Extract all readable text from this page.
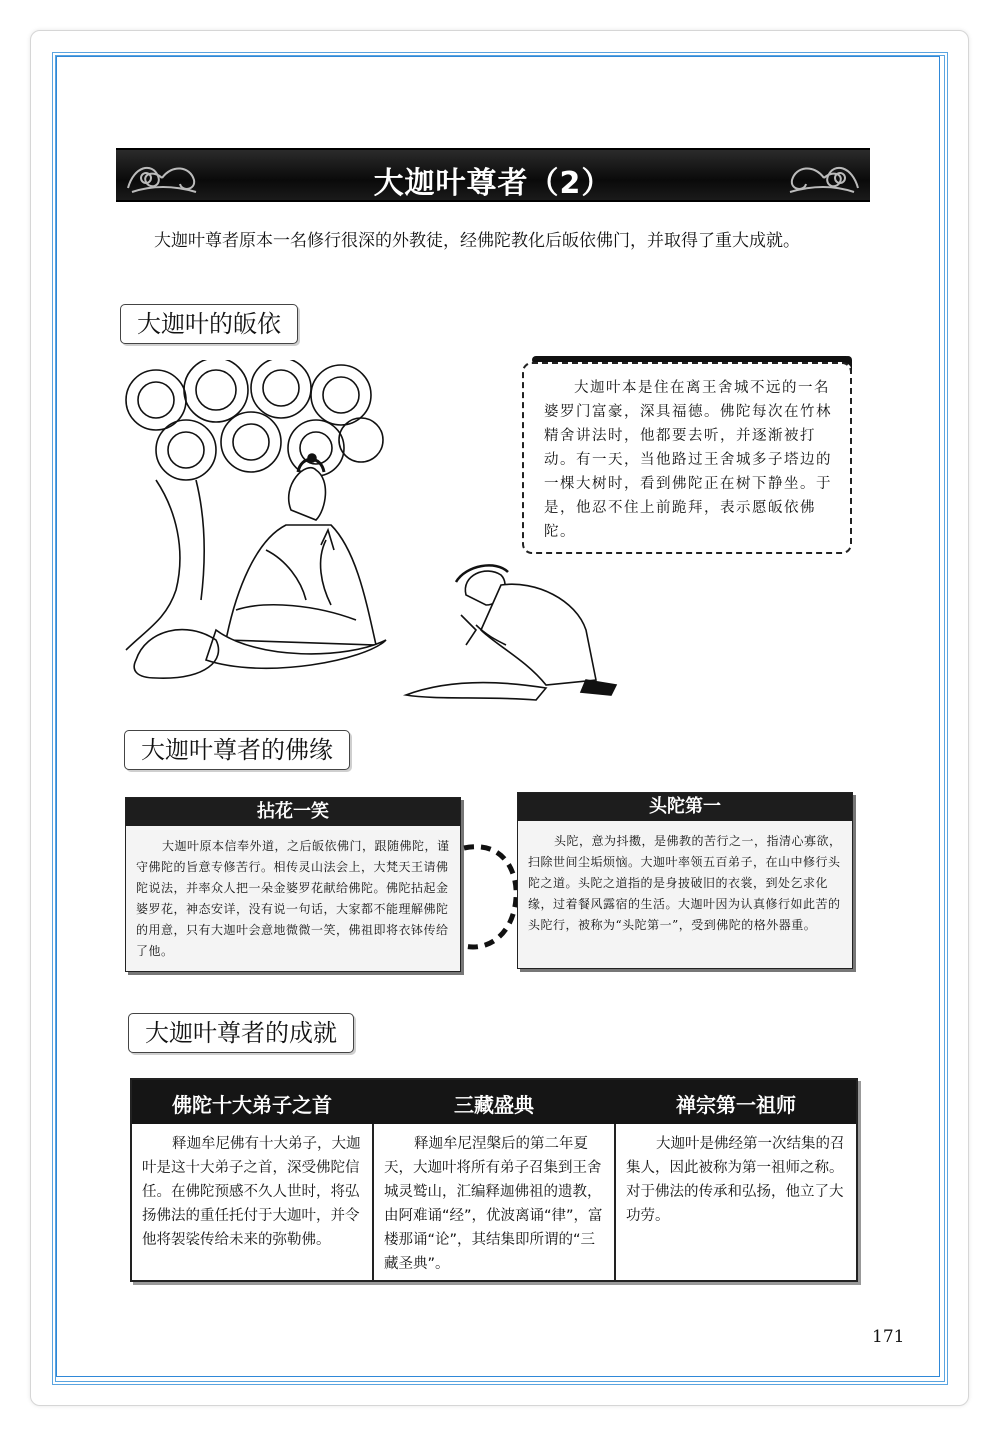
大迦叶尊者（2）
大迦叶尊者原本一名修行很深的外教徒，经佛陀教化后皈依佛门，并取得了重大成就。
大迦叶的皈依
大迦叶本是住在离王舍城不远的一名婆罗门富豪，深具福德。佛陀每次在竹林精舍讲法时，他都要去听，并逐渐被打动。有一天，当他路过王舍城多子塔边的一棵大树时，看到佛陀正在树下静坐。于是，他忍不住上前跪拜，表示愿皈依佛陀。
大迦叶尊者的佛缘
拈花一笑
大迦叶原本信奉外道，之后皈依佛门，跟随佛陀，谨守佛陀的旨意专修苦行。相传灵山法会上，大梵天王请佛陀说法，并率众人把一朵金婆罗花献给佛陀。佛陀拈起金婆罗花，神态安详，没有说一句话，大家都不能理解佛陀的用意，只有大迦叶会意地微微一笑，佛祖即将衣钵传给了他。
头陀第一
头陀，意为抖擞，是佛教的苦行之一，指清心寡欲，扫除世间尘垢烦恼。大迦叶率领五百弟子，在山中修行头陀之道。头陀之道指的是身披破旧的衣裳，到处乞求化缘，过着餐风露宿的生活。大迦叶因为认真修行如此苦的头陀行，被称为“头陀第一”，受到佛陀的格外器重。
大迦叶尊者的成就
佛陀十大弟子之首	三藏盛典	禅宗第一祖师
释迦牟尼佛有十大弟子，大迦叶是这十大弟子之首，深受佛陀信任。在佛陀预感不久人世时，将弘扬佛法的重任托付于大迦叶，并令他将袈裟传给未来的弥勒佛。
释迦牟尼涅槃后的第二年夏天，大迦叶将所有弟子召集到王舍城灵鹫山，汇编释迦佛祖的遗教，由阿难诵“经”，优波离诵“律”，富楼那诵“论”，其结集即所谓的“三藏圣典”。
大迦叶是佛经第一次结集的召集人，因此被称为第一祖师之称。对于佛法的传承和弘扬，他立了大功劳。
171
